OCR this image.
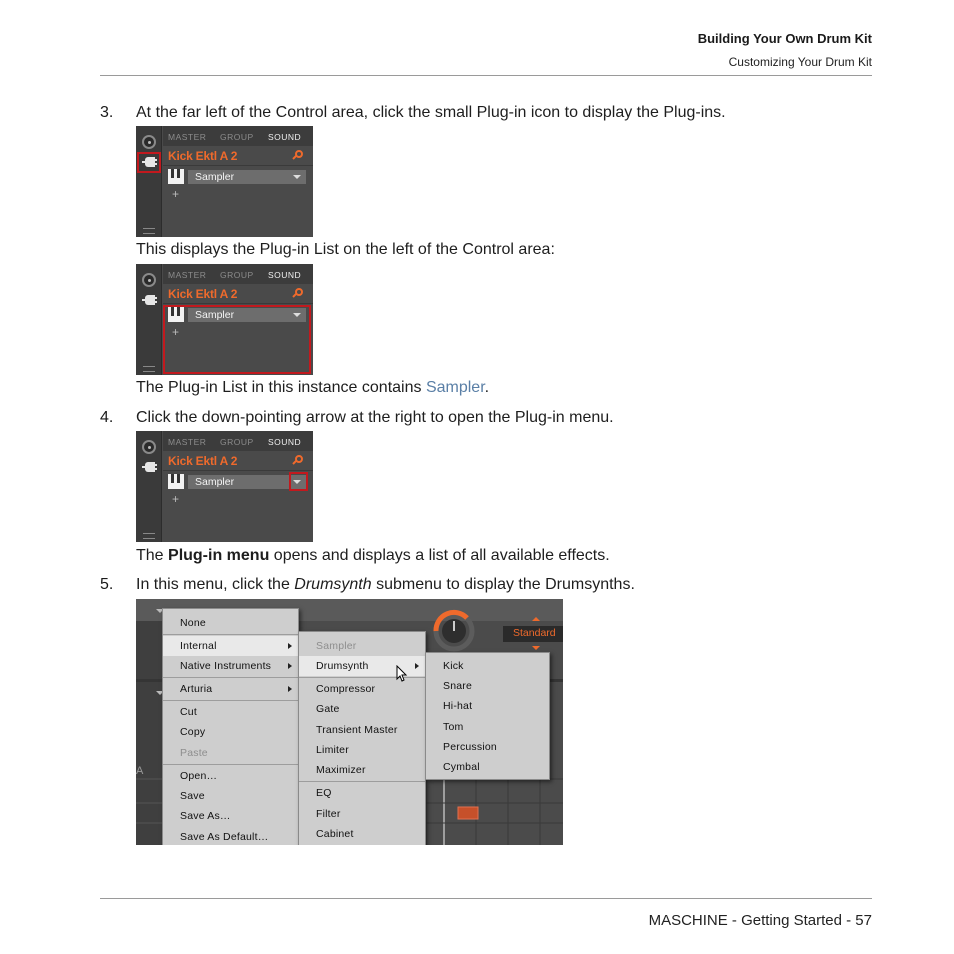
Building Your Own Drum Kit
Customizing Your Drum Kit
3. At the far left of the Control area, click the small Plug-in icon to display the Plug-ins.
MASTER GROUP SOUND
Kick Ektl A 2
Sampler
+
This displays the Plug-in List on the left of the Control area:
MASTER GROUP SOUND
Kick Ektl A 2
Sampler
+
The Plug-in List in this instance contains Sampler.
4. Click the down-pointing arrow at the right to open the Plug-in menu.
MASTER GROUP SOUND
Kick Ektl A 2
Sampler
+
The Plug-in menu opens and displays a list of all available effects.
5. In this menu, click the Drumsynth submenu to display the Drumsynths.
Standard
A
None
Internal
Native Instruments
Arturia
Cut
Copy
Paste
Open…
Save
Save As…
Save As Default…
Sampler
Drumsynth
Compressor
Gate
Transient Master
Limiter
Maximizer
EQ
Filter
Cabinet
Kick
Snare
Hi-hat
Tom
Percussion
Cymbal
MASCHINE - Getting Started - 57
